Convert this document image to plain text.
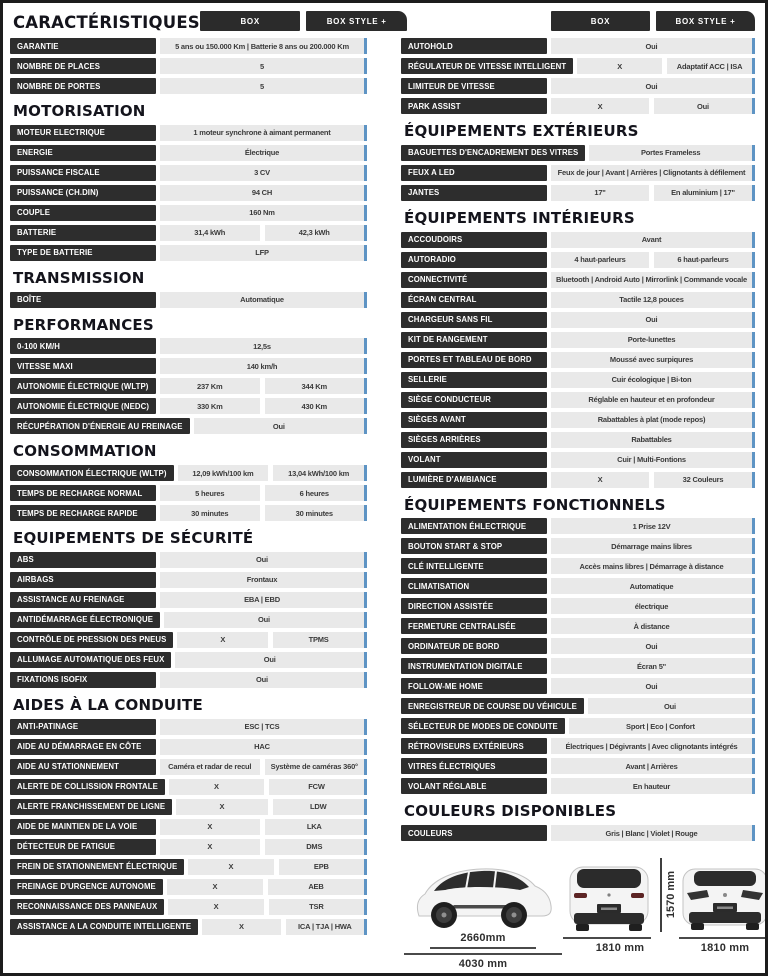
CARACTÉRISTIQUES	BOX	BOX STYLE +
GARANTIE	5 ans ou 150.000 Km | Batterie 8 ans ou 200.000 Km
NOMBRE DE PLACES	5
NOMBRE DE PORTES	5
MOTORISATION
MOTEUR ELECTRIQUE	1 moteur synchrone à aimant permanent
ENERGIE	Électrique
PUISSANCE FISCALE	3 CV
PUISSANCE (CH.DIN)	94 CH
COUPLE	160 Nm
BATTERIE	31,4 kWh	42,3 kWh
TYPE DE BATTERIE	LFP
TRANSMISSION
BOÎTE	Automatique
PERFORMANCES
0-100 KM/H	12,5s
VITESSE MAXI	140 km/h
AUTONOMIE ÉLECTRIQUE (WLTP)	237 Km	344 Km
AUTONOMIE ÉLECTRIQUE (NEDC)	330 Km	430 Km
RÉCUPÉRATION D'ÉNERGIE AU FREINAGE	Oui
CONSOMMATION
CONSOMMATION ÉLECTRIQUE (WLTP)	12,09 kWh/100 km	13,04 kWh/100 km
TEMPS DE RECHARGE NORMAL	5 heures	6 heures
TEMPS DE RECHARGE RAPIDE	30 minutes	30 minutes
EQUIPEMENTS DE SÉCURITÉ
ABS	Oui
AIRBAGS	Frontaux
ASSISTANCE AU FREINAGE	EBA | EBD
ANTIDÉMARRAGE ÉLECTRONIQUE	Oui
CONTRÔLE DE PRESSION DES PNEUS	X	TPMS
ALLUMAGE AUTOMATIQUE DES FEUX	Oui
FIXATIONS ISOFIX	Oui
AIDES À LA CONDUITE
ANTI-PATINAGE	ESC | TCS
AIDE AU DÉMARRAGE EN CÔTE	HAC
AIDE AU STATIONNEMENT	Caméra et radar de recul	Système de caméras 360°
ALERTE DE COLLISSION FRONTALE	X	FCW
ALERTE FRANCHISSEMENT DE LIGNE	X	LDW
AIDE DE MAINTIEN DE LA VOIE	X	LKA
DÉTECTEUR DE FATIGUE	X	DMS
FREIN DE STATIONNEMENT ÉLECTRIQUE	X	EPB
FREINAGE D'URGENCE AUTONOME	X	AEB
RECONNAISSANCE DES PANNEAUX	X	TSR
ASSISTANCE A LA CONDUITE INTELLIGENTE	X	ICA | TJA | HWA
BOX	BOX STYLE +
AUTOHOLD	Oui
RÉGULATEUR DE VITESSE INTELLIGENT	X	Adaptatif ACC | ISA
LIMITEUR DE VITESSE	Oui
PARK ASSIST	X	Oui
ÉQUIPEMENTS EXTÉRIEURS
BAGUETTES D'ENCADREMENT DES VITRES	Portes Frameless
FEUX A LED	Feux de jour | Avant | Arrières | Clignotants à défilement
JANTES	17"	En aluminium | 17"
ÉQUIPEMENTS INTÉRIEURS
ACCOUDOIRS	Avant
AUTORADIO	4 haut-parleurs	6 haut-parleurs
CONNECTIVITÉ	Bluetooth | Android Auto | Mirrorlink | Commande vocale
ÉCRAN CENTRAL	Tactile 12,8 pouces
CHARGEUR SANS FIL	Oui
KIT DE RANGEMENT	Porte-lunettes
PORTES ET TABLEAU DE BORD	Moussé avec surpiqures
SELLERIE	Cuir écologique | Bi-ton
SIÈGE CONDUCTEUR	Réglable en hauteur et en profondeur
SIÈGES AVANT	Rabattables à plat (mode repos)
SIÈGES ARRIÈRES	Rabattables
VOLANT	Cuir | Multi-Fontions
LUMIÈRE D'AMBIANCE	X	32 Couleurs
ÉQUIPEMENTS FONCTIONNELS
ALIMENTATION ÉHLECTRIQUE	1 Prise 12V
BOUTON START & STOP	Démarrage mains libres
CLÉ INTELLIGENTE	Accès mains libres | Démarrage à distance
CLIMATISATION	Automatique
DIRECTION ASSISTÉE	électrique
FERMETURE CENTRALISÉE	À distance
ORDINATEUR DE BORD	Oui
INSTRUMENTATION DIGITALE	Écran 5"
FOLLOW-ME HOME	Oui
ENREGISTREUR DE COURSE DU VÉHICULE	Oui
SÉLECTEUR DE MODES DE CONDUITE	Sport | Eco | Confort
RÉTROVISEURS EXTÉRIEURS	Électriques | Dégivrants | Avec clignotants intégrés
VITRES ÉLECTRIQUES	Avant | Arrières
VOLANT RÉGLABLE	En hauteur
COULEURS DISPONIBLES
COULEURS	Gris | Blanc | Violet | Rouge
2660mm
4030 mm
1570 mm
1810 mm	1810 mm
